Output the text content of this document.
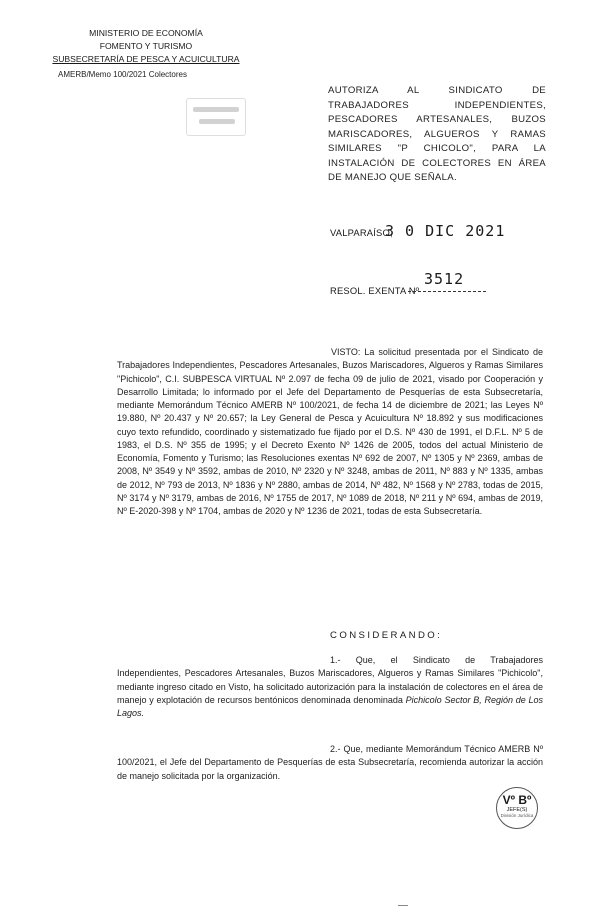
MINISTERIO DE ECONOMÍA
FOMENTO Y TURISMO
SUBSECRETARÍA DE PESCA Y ACUICULTURA
AMERB/Memo 100/2021 Colectores
AUTORIZA AL SINDICATO DE TRABAJADORES INDEPENDIENTES, PESCADORES ARTESANALES, BUZOS MARISCADORES, ALGUEROS Y RAMAS SIMILARES "P CHICOLO", PARA LA INSTALACIÓN DE COLECTORES EN ÁREA DE MANEJO QUE SEÑALA.
VALPARAÍSO,
3 0 DIC 2021
RESOL. EXENTA Nº
3512
VISTO: La solicitud presentada por el Sindicato de Trabajadores Independientes, Pescadores Artesanales, Buzos Mariscadores, Algueros y Ramas Similares "Pichicolo", C.I. SUBPESCA VIRTUAL Nº 2.097 de fecha 09 de julio de 2021, visado por Cooperación y Desarrollo Limitada; lo informado por el Jefe del Departamento de Pesquerías de esta Subsecretaría, mediante Memorándum Técnico AMERB Nº 100/2021, de fecha 14 de diciembre de 2021; las Leyes Nº 19.880, Nº 20.437 y Nº 20.657; la Ley General de Pesca y Acuicultura Nº 18.892 y sus modificaciones cuyo texto refundido, coordinado y sistematizado fue fijado por el D.S. Nº 430 de 1991, el D.F.L. Nº 5 de 1983, el D.S. Nº 355 de 1995; y el Decreto Exento Nº 1426 de 2005, todos del actual Ministerio de Economía, Fomento y Turismo; las Resoluciones exentas Nº 692 de 2007, Nº 1305 y Nº 2369, ambas de 2008, Nº 3549 y Nº 3592, ambas de 2010, Nº 2320 y Nº 3248, ambas de 2011, Nº 883 y Nº 1335, ambas de 2012, Nº 793 de 2013, Nº 1836 y Nº 2880, ambas de 2014, Nº 482, Nº 1568 y Nº 2783, todas de 2015, Nº 3174 y Nº 3179, ambas de 2016, Nº 1755 de 2017, Nº 1089 de 2018, Nº 211 y Nº 694, ambas de 2019, Nº E-2020-398 y Nº 1704, ambas de 2020 y Nº 1236 de 2021, todas de esta Subsecretaría.
CONSIDERANDO:
1.- Que, el Sindicato de Trabajadores Independientes, Pescadores Artesanales, Buzos Mariscadores, Algueros y Ramas Similares "Pichicolo", mediante ingreso citado en Visto, ha solicitado autorización para la instalación de colectores en el área de manejo y explotación de recursos bentónicos denominada denominada Pichicolo Sector B, Región de Los Lagos.
2.- Que, mediante Memorándum Técnico AMERB Nº 100/2021, el Jefe del Departamento de Pesquerías de esta Subsecretaría, recomienda autorizar la acción de manejo solicitada por la organización.
Vº Bº
JEFE(S)
División Jurídica
